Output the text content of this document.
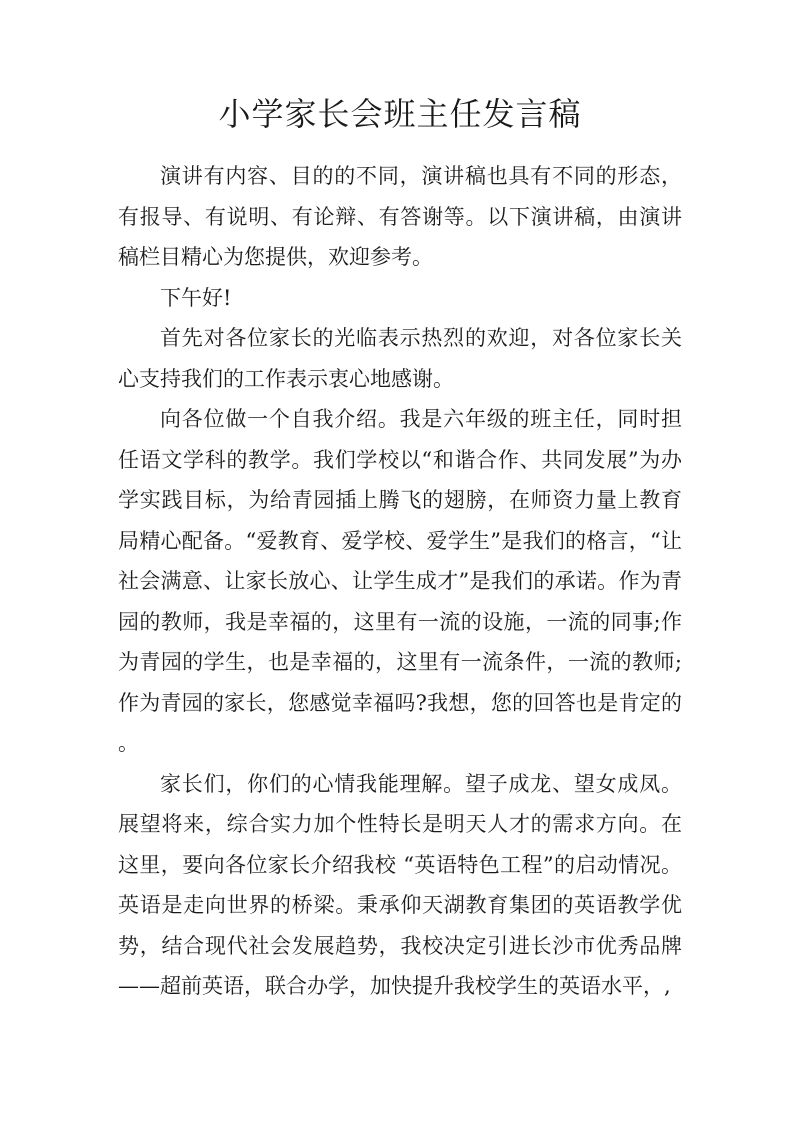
小学家长会班主任发言稿

演讲有内容、目的的不同，演讲稿也具有不同的形态，有报导、有说明、有论辩、有答谢等。以下演讲稿，由演讲稿栏目精心为您提供，欢迎参考。

下午好!

首先对各位家长的光临表示热烈的欢迎，对各位家长关心支持我们的工作表示衷心地感谢。

向各位做一个自我介绍。我是六年级的班主任，同时担任语文学科的教学。我们学校以“和谐合作、共同发展”为办学实践目标，为给青园插上腾飞的翅膀，在师资力量上教育局精心配备。“爱教育、爱学校、爱学生”是我们的格言，“让社会满意、让家长放心、让学生成才”是我们的承诺。作为青园的教师，我是幸福的，这里有一流的设施，一流的同事;作为青园的学生，也是幸福的，这里有一流条件，一流的教师;作为青园的家长，您感觉幸福吗?我想，您的回答也是肯定的。

家长们，你们的心情我能理解。望子成龙、望女成凤。展望将来，综合实力加个性特长是明天人才的需求方向。在这里，要向各位家长介绍我校 “英语特色工程”的启动情况。英语是走向世界的桥梁。秉承仰天湖教育集团的英语教学优势，结合现代社会发展趋势，我校决定引进长沙市优秀品牌——超前英语，联合办学，加快提升我校学生的英语水平，,
